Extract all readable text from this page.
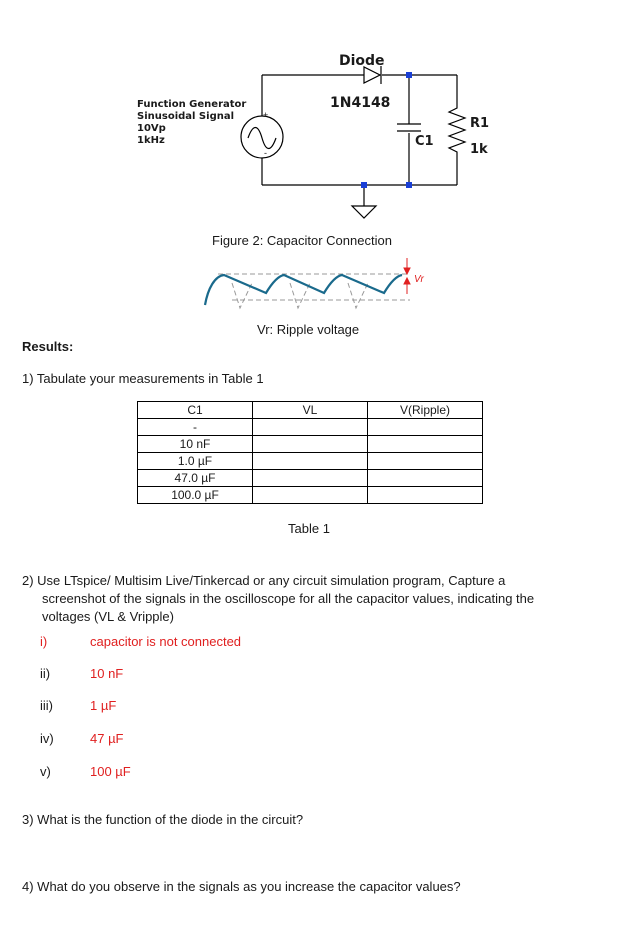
Diode
1N4148
Function Generator
Sinusoidal Signal
10Vp
1kHz
+
-
C1
R1
1k
Figure 2: Capacitor Connection
Vr
Vr: Ripple voltage
Results:
1) Tabulate your measurements in Table 1
C1	VL	V(Ripple)
-		
10 nF		
1.0 µF		
47.0 µF		
100.0 µF		
Table 1
2) Use LTspice/ Multisim Live/Tinkercad or any circuit simulation program, Capture a
screenshot of the signals in the oscilloscope for all the capacitor values, indicating the
voltages (VL & Vripple)
i)	capacitor is not connected
ii)	10 nF
iii)	1 µF
iv)	47 µF
v)	100 µF
3) What is the function of the diode in the circuit?
4) What do you observe in the signals as you increase the capacitor values?
